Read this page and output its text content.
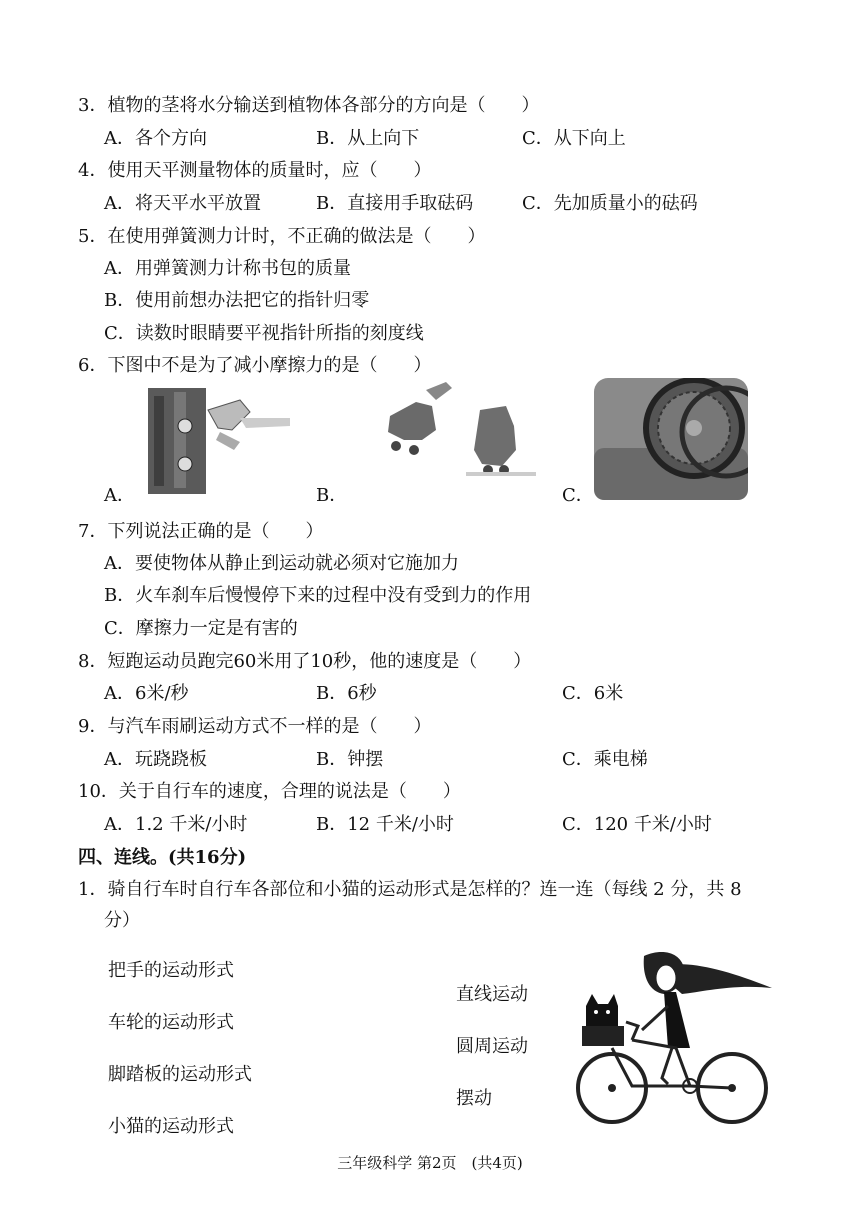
3．植物的茎将水分输送到植物体各部分的方向是（　　）
A．各个方向	B．从上向下	C．从下向上
4．使用天平测量物体的质量时，应（　　）
A．将天平水平放置	B．直接用手取砝码	C．先加质量小的砝码
5．在使用弹簧测力计时，不正确的做法是（　　）
A．用弹簧测力计称书包的质量
B．使用前想办法把它的指针归零
C．读数时眼睛要平视指针所指的刻度线
6．下图中不是为了减小摩擦力的是（　　）
A．	B．	C．
7．下列说法正确的是（　　）
A．要使物体从静止到运动就必须对它施加力
B．火车刹车后慢慢停下来的过程中没有受到力的作用
C．摩擦力一定是有害的
8．短跑运动员跑完60米用了10秒，他的速度是（　　）
A．6米/秒	B．6秒	C．6米
9．与汽车雨刷运动方式不一样的是（　　）
A．玩跷跷板	B．钟摆	C．乘电梯
10．关于自行车的速度，合理的说法是（　　）
A．1.2 千米/小时	B．12 千米/小时	C．120 千米/小时
四、连线。(共16分)
1．骑自行车时自行车各部位和小猫的运动形式是怎样的？连一连（每线 2 分，共 8
分）
把手的运动形式
车轮的运动形式
脚踏板的运动形式
小猫的运动形式
直线运动
圆周运动
摆动
三年级科学 第2页　(共4页)
